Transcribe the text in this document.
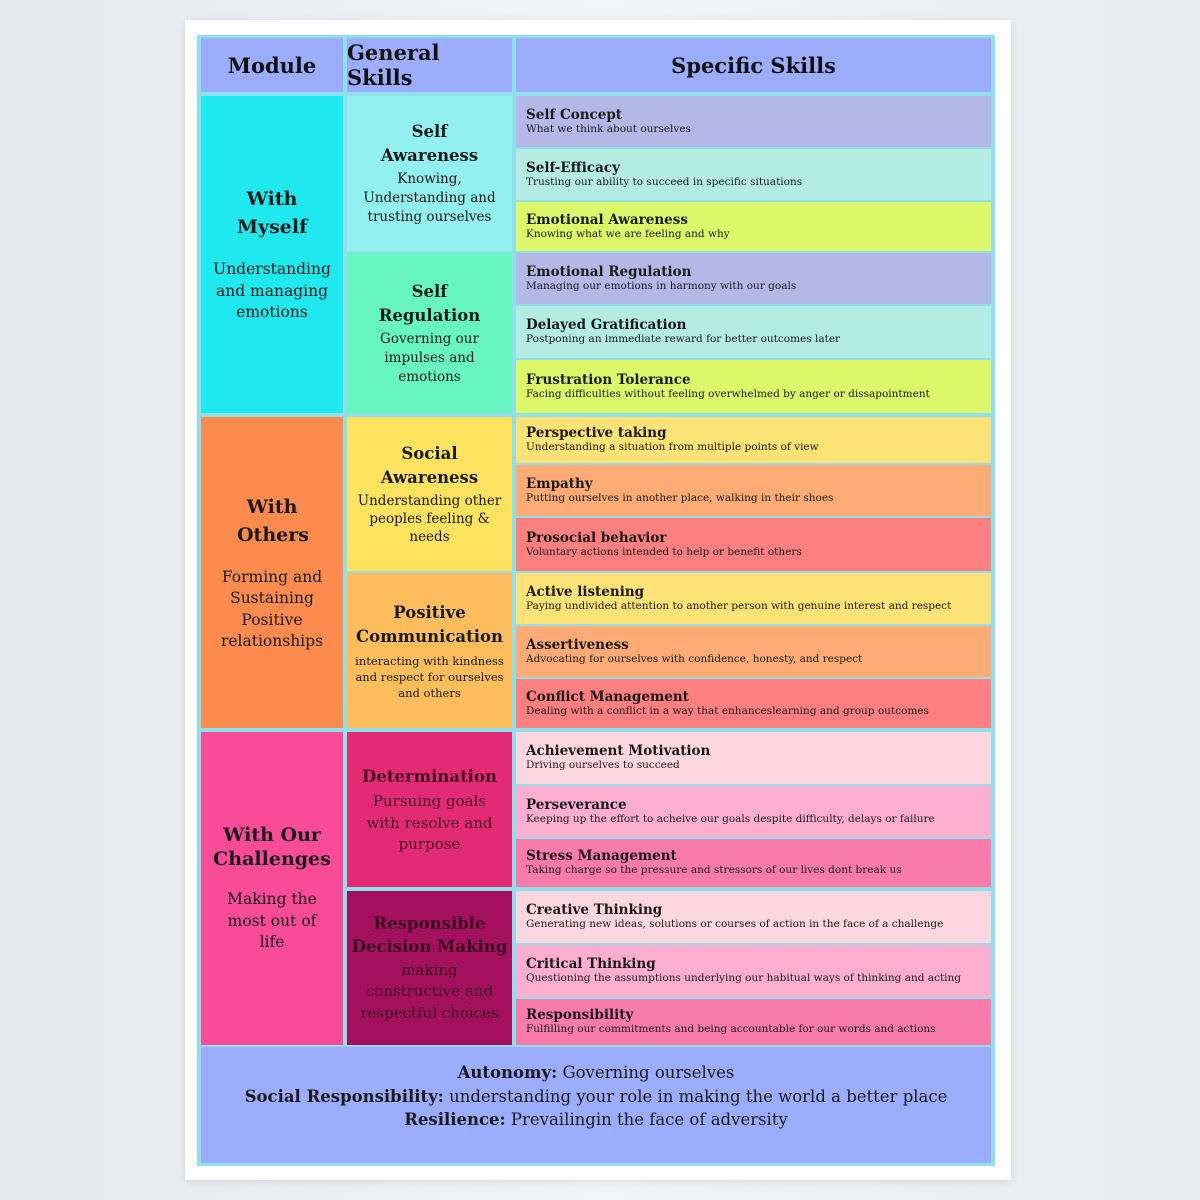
Module General Skills	Specific Skills
With Myself
Understanding and managing emotions
With Others
Forming and Sustaining Positive relationships
With Our Challenges
Making the most out of life
Self Awareness
Knowing, Understanding and trusting ourselves
Self Regulation
Governing our impulses and emotions
Social Awareness
Understanding other peoples feeling & needs
Positive Communication
interacting with kindness and respect for ourselves and others
Determination
Pursuing goals with resolve and purpose
Responsible Decision Making
making constructive and respectful choices
Self Concept
What we think about ourselves
Self-Efficacy
Trusting our ability to succeed in specific situations
Emotional Awareness
Knowing what we are feeling and why
Emotional Regulation
Managing our emotions in harmony with our goals
Delayed Gratification
Postponing an immediate reward for better outcomes later
Frustration Tolerance
Facing difficulties without feeling overwhelmed by anger or dissapointment
Perspective taking
Understanding a situation from multiple points of view
Empathy
Putting ourselves in another place, walking in their shoes
Prosocial behavior
Voluntary actions intended to help or benefit others
Active listening
Paying undivided attention to another person with genuine interest and respect
Assertiveness
Advocating for ourselves with confidence, honesty, and respect
Conflict Management
Dealing with a conflict in a way that enhanceslearning and group outcomes
Achievement Motivation
Driving ourselves to succeed
Perseverance
Keeping up the effort to acheive our goals despite difficulty, delays or failure
Stress Management
Taking charge so the pressure and stressors of our lives dont break us
Creative Thinking
Generating new ideas, solutions or courses of action in the face of a challenge
Critical Thinking
Questioning the assumptions underlying our habitual ways of thinking and acting
Responsibility
Fulfilling our commitments and being accountable for our words and actions
Autonomy: Governing ourselves
Social Responsibility: understanding your role in making the world a better place
Resilience: Prevailingin the face of adversity
